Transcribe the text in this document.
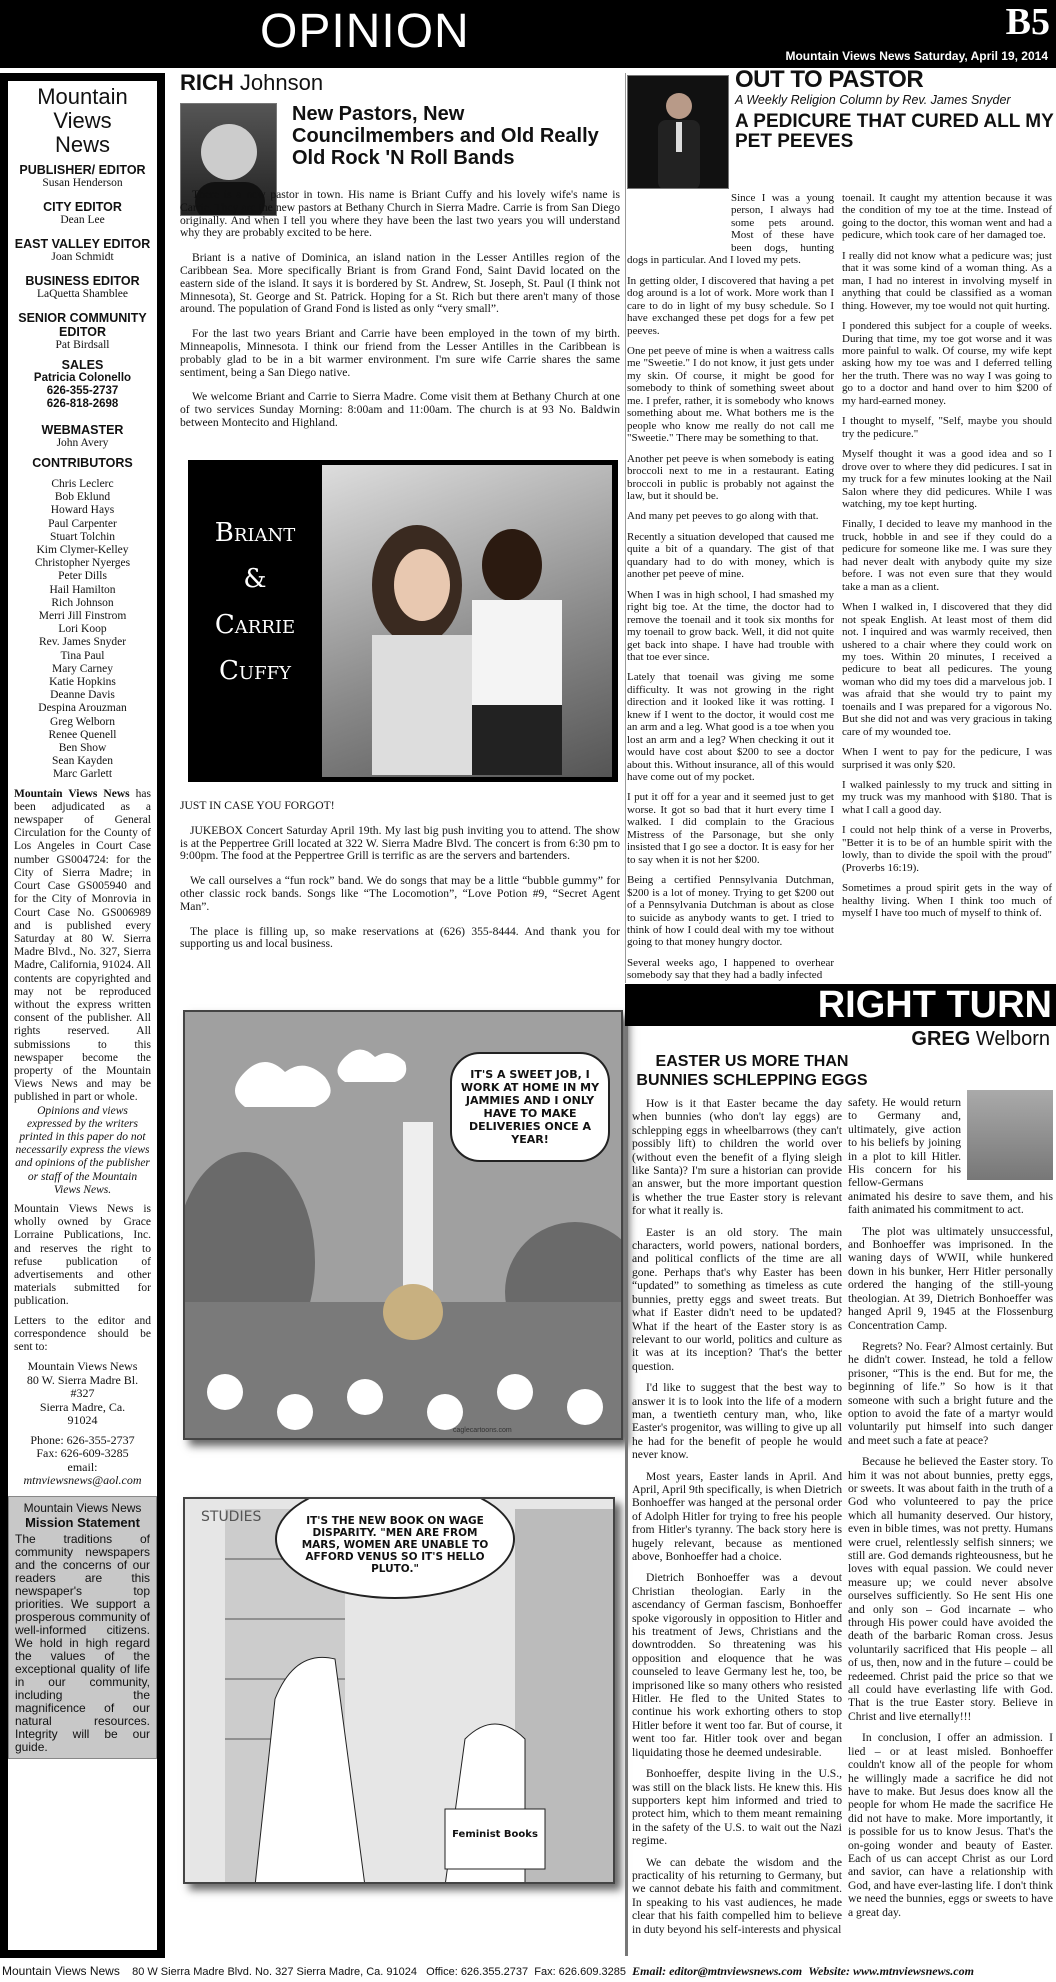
OPINION	B5
Mountain Views News Saturday, April 19, 2014
Mountain
Views
News
PUBLISHER/ EDITOR
Susan Henderson
CITY EDITOR
Dean Lee
EAST VALLEY EDITOR
Joan Schmidt
BUSINESS EDITOR
LaQuetta Shamblee
SENIOR COMMUNITY EDITOR
Pat Birdsall
SALES
Patricia Colonello
626-355-2737
626-818-2698
WEBMASTER
John Avery
CONTRIBUTORS
Chris Leclerc
Bob Eklund
Howard Hays
Paul Carpenter
Stuart Tolchin
Kim Clymer-Kelley
Christopher Nyerges
Peter Dills
Hail Hamilton
Rich Johnson
Merri Jill Finstrom
Lori Koop
Rev. James Snyder
Tina Paul
Mary Carney
Katie Hopkins
Deanne Davis
Despina Arouzman
Greg Welborn
Renee Quenell
Ben Show
Sean Kayden
Marc Garlett
Mountain Views News has been adjudicated as a newspaper of General Circulation for the County of Los Angeles in Court Case number GS004724: for the City of Sierra Madre; in Court Case GS005940 and for the City of Monrovia in Court Case No. GS006989 and is published every Saturday at 80 W. Sierra Madre Blvd., No. 327, Sierra Madre, California, 91024. All contents are copyrighted and may not be reproduced without the express written consent of the publisher. All rights reserved. All submissions to this newspaper become the property of the Mountain Views News and may be published in part or whole.
Opinions and views expressed by the writers printed in this paper do not necessarily express the views and opinions of the publisher or staff of the Mountain Views News.
Mountain Views News is wholly owned by Grace Lorraine Publications, Inc. and reserves the right to refuse publication of advertisements and other materials submitted for publication.
Letters to the editor and correspondence should be sent to:
Mountain Views News
80 W. Sierra Madre Bl.
#327
Sierra Madre, Ca.
91024
Phone: 626-355-2737
Fax: 626-609-3285
email:
mtnviewsnews@aol.com
Mountain Views News
Mission Statement
The traditions of community newspapers and the concerns of our readers are this newspaper's top priorities. We support a prosperous community of well-informed citizens. We hold in high regard the values of the exceptional quality of life in our community, including the magnificence of our natural resources. Integrity will be our guide.
RICH Johnson
New Pastors, New Councilmembers and Old Really Old Rock 'N Roll Bands

There is a new pastor in town. His name is Briant Cuffy and his lovely wife's name is Carrie. They are the new pastors at Bethany Church in Sierra Madre. Carrie is from San Diego originally. And when I tell you where they have been the last two years you will understand why they are probably excited to be here.

Briant is a native of Dominica, an island nation in the Lesser Antilles region of the Caribbean Sea. More specifically Briant is from Grand Fond, Saint David located on the eastern side of the island. It says it is bordered by St. Andrew, St. Joseph, St. Paul (I think not Minnesota), St. George and St. Patrick. Hoping for a St. Rich but there aren't many of those around. The population of Grand Fond is listed as only “very small”.

For the last two years Briant and Carrie have been employed in the town of my birth. Minneapolis, Minnesota. I think our friend from the Lesser Antilles in the Caribbean is probably glad to be in a bit warmer environment. I'm sure wife Carrie shares the same sentiment, being a San Diego native.

We welcome Briant and Carrie to Sierra Madre. Come visit them at Bethany Church at one of two services Sunday Morning: 8:00am and 11:00am. The church is at 93 No. Baldwin between Montecito and Highland.

Briant
&
Carrie
Cuffy
JUST IN CASE YOU FORGOT!

JUKEBOX Concert Saturday April 19th. My last big push inviting you to attend. The show is at the Peppertree Grill located at 322 W. Sierra Madre Blvd. The concert is from 6:30 pm to 9:00pm. The food at the Peppertree Grill is terrific as are the servers and bartenders.

We call ourselves a “fun rock” band. We do songs that may be a little “bubble gummy” for other classic rock bands. Songs like “The Locomotion”, “Love Potion #9, “Secret Agent Man”.

The place is filling up, so make reservations at (626) 355-8444. And thank you for supporting us and local business.

OUT TO PASTOR
A Weekly Religion Column by Rev. James Snyder
A PEDICURE THAT CURED ALL MY PET PEEVES

Since I was a young person, I always had some pets around. Most of these have been dogs, hunting dogs in particular. And I loved my pets.

In getting older, I discovered that having a pet dog around is a lot of work. More work than I care to do in light of my busy schedule. So I have exchanged these pet dogs for a few pet peeves.

One pet peeve of mine is when a waitress calls me "Sweetie." I do not know, it just gets under my skin. Of course, it might be good for somebody to think of something sweet about me. I prefer, rather, it is somebody who knows something about me. What bothers me is the people who know me really do not call me "Sweetie." There may be something to that.

Another pet peeve is when somebody is eating broccoli next to me in a restaurant. Eating broccoli in public is probably not against the law, but it should be.

And many pet peeves to go along with that.

Recently a situation developed that caused me quite a bit of a quandary. The gist of that quandary had to do with money, which is another pet peeve of mine.

When I was in high school, I had smashed my right big toe. At the time, the doctor had to remove the toenail and it took six months for my toenail to grow back. Well, it did not quite get back into shape. I have had trouble with that toe ever since.

Lately that toenail was giving me some difficulty. It was not growing in the right direction and it looked like it was rotting. I knew if I went to the doctor, it would cost me an arm and a leg. What good is a toe when you lost an arm and a leg? When checking it out it would have cost about $200 to see a doctor about this. Without insurance, all of this would have come out of my pocket.

I put it off for a year and it seemed just to get worse. It got so bad that it hurt every time I walked. I did complain to the Gracious Mistress of the Parsonage, but she only insisted that I go see a doctor. It is easy for her to say when it is not her $200.

Being a certified Pennsylvania Dutchman, $200 is a lot of money. Trying to get $200 out of a Pennsylvania Dutchman is about as close to suicide as anybody wants to get. I tried to think of how I could deal with my toe without going to that money hungry doctor.

Several weeks ago, I happened to overhear somebody say that they had a badly infected

toenail. It caught my attention because it was the condition of my toe at the time. Instead of going to the doctor, this woman went and had a pedicure, which took care of her damaged toe.

I really did not know what a pedicure was; just that it was some kind of a woman thing. As a man, I had no interest in involving myself in anything that could be classified as a woman thing. However, my toe would not quit hurting.

I pondered this subject for a couple of weeks. During that time, my toe got worse and it was more painful to walk. Of course, my wife kept asking how my toe was and I deferred telling her the truth. There was no way I was going to go to a doctor and hand over to him $200 of my hard-earned money.

I thought to myself, "Self, maybe you should try the pedicure."

Myself thought it was a good idea and so I drove over to where they did pedicures. I sat in my truck for a few minutes looking at the Nail Salon where they did pedicures. While I was watching, my toe kept hurting.

Finally, I decided to leave my manhood in the truck, hobble in and see if they could do a pedicure for someone like me. I was sure they had never dealt with anybody quite my size before. I was not even sure that they would take a man as a client.

When I walked in, I discovered that they did not speak English. At least most of them did not. I inquired and was warmly received, then ushered to a chair where they could work on my toes. Within 20 minutes, I received a pedicure to beat all pedicures. The young woman who did my toes did a marvelous job. I was afraid that she would try to paint my toenails and I was prepared for a vigorous No. But she did not and was very gracious in taking care of my wounded toe.

When I went to pay for the pedicure, I was surprised it was only $20.

I walked painlessly to my truck and sitting in my truck was my manhood with $180. That is what I call a good day.

I could not help think of a verse in Proverbs, "Better it is to be of an humble spirit with the lowly, than to divide the spoil with the proud" (Proverbs 16:19).

Sometimes a proud spirit gets in the way of healthy living. When I think too much of myself I have too much of myself to think of.

IT'S A SWEET JOB, I WORK AT HOME IN MY JAMMIES AND I ONLY HAVE TO MAKE DELIVERIES ONCE A YEAR!
caglecartoons.com
STUDIES	IT'S THE NEW BOOK ON WAGE DISPARITY. "MEN ARE FROM MARS, WOMEN ARE UNABLE TO AFFORD VENUS SO IT'S HELLO PLUTO."
Feminist Books
RIGHT TURN
GREG Welborn
EASTER US MORE THAN BUNNIES SCHLEPPING EGGS

How is it that Easter became the day when bunnies (who don't lay eggs) are schlepping eggs in wheelbarrows (they can't possibly lift) to children the world over (without even the benefit of a flying sleigh like Santa)? I'm sure a historian can provide an answer, but the more important question is whether the true Easter story is relevant for what it really is.

Easter is an old story. The main characters, world powers, national borders, and political conflicts of the time are all gone. Perhaps that's why Easter has been “updated” to something as timeless as cute bunnies, pretty eggs and sweet treats. But what if Easter didn't need to be updated? What if the heart of the Easter story is as relevant to our world, politics and culture as it was at its inception? That's the better question.

I'd like to suggest that the best way to answer it is to look into the life of a modern man, a twentieth century man, who, like Easter's progenitor, was willing to give up all he had for the benefit of people he would never know.

Most years, Easter lands in April. And April, April 9th specifically, is when Dietrich Bonhoeffer was hanged at the personal order of Adolph Hitler for trying to free his people from Hitler's tyranny. The back story here is hugely relevant, because as mentioned above, Bonhoeffer had a choice.

Dietrich Bonhoeffer was a devout Christian theologian. Early in the ascendancy of German fascism, Bonhoeffer spoke vigorously in opposition to Hitler and his treatment of Jews, Christians and the downtrodden. So threatening was his opposition and eloquence that he was counseled to leave Germany lest he, too, be imprisoned like so many others who resisted Hitler. He fled to the United States to continue his work exhorting others to stop Hitler before it went too far. But of course, it went too far. Hitler took over and began liquidating those he deemed undesirable.

Bonhoeffer, despite living in the U.S., was still on the black lists. He knew this. His supporters kept him informed and tried to protect him, which to them meant remaining in the safety of the U.S. to wait out the Nazi regime.

We can debate the wisdom and the practicality of his returning to Germany, but we cannot debate his faith and commitment. In speaking to his vast audiences, he made clear that his faith compelled him to believe in duty beyond his self-interests and physical

safety. He would return to Germany and, ultimately, give action to his beliefs by joining in a plot to kill Hitler. His concern for his fellow-Germans animated his desire to save them, and his faith animated his commitment to act.

The plot was ultimately unsuccessful, and Bonhoeffer was imprisoned. In the waning days of WWII, while hunkered down in his bunker, Herr Hitler personally ordered the hanging of the still-young theologian. At 39, Dietrich Bonhoeffer was hanged April 9, 1945 at the Flossenburg Concentration Camp.

Regrets? No. Fear? Almost certainly. But he didn't cower. Instead, he told a fellow prisoner, “This is the end. But for me, the beginning of life.” So how is it that someone with such a bright future and the option to avoid the fate of a martyr would voluntarily put himself into such danger and meet such a fate at peace?

Because he believed the Easter story. To him it was not about bunnies, pretty eggs, or sweets. It was about faith in the truth of a God who volunteered to pay the price which all humanity deserved. Our history, even in bible times, was not pretty. Humans were cruel, relentlessly selfish sinners; we still are. God demands righteousness, but he loves with equal passion. We could never measure up; we could never absolve ourselves sufficiently. So He sent His one and only son – God incarnate – who through His power could have avoided the death of the barbaric Roman cross. Jesus voluntarily sacrificed that His people – all of us, then, now and in the future – could be redeemed. Christ paid the price so that we all could have everlasting life with God. That is the true Easter story. Believe in Christ and live eternally!!!

In conclusion, I offer an admission. I lied – or at least misled. Bonhoeffer couldn't know all of the people for whom he willingly made a sacrifice he did not have to make. But Jesus does know all the people for whom He made the sacrifice He did not have to make. More importantly, it is possible for us to know Jesus. That's the on-going wonder and beauty of Easter. Each of us can accept Christ as our Lord and savior, can have a relationship with God, and have ever-lasting life. I don't think we need the bunnies, eggs or sweets to have a great day.

Mountain Views News 80 W Sierra Madre Blvd. No. 327 Sierra Madre, Ca. 91024 Office: 626.355.2737 Fax: 626.609.3285 Email: editor@mtnviewsnews.com Website: www.mtnviewsnews.com
